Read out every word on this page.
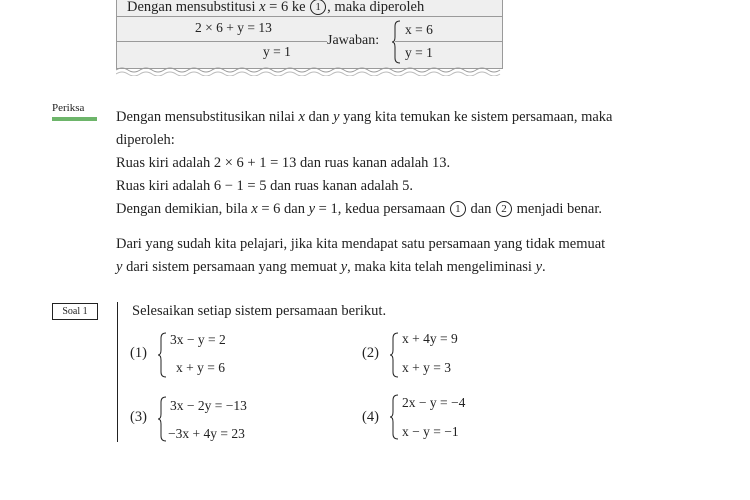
Dengan mensubstitusi x = 6 ke 1 , maka diperoleh
2 × 6 + y = 13
y = 1
Jawaban:
x = 6
y = 1
Periksa
Dengan mensubstitusikan nilai x dan y yang kita temukan ke sistem persamaan, maka
diperoleh:
Ruas kiri adalah 2 × 6 + 1 = 13 dan ruas kanan adalah 13.
Ruas kiri adalah 6 − 1 = 5 dan ruas kanan adalah 5.
Dengan demikian, bila x = 6 dan y = 1, kedua persamaan 1 dan 2 menjadi benar.
Dari yang sudah kita pelajari, jika kita mendapat satu persamaan yang tidak memuat
y dari sistem persamaan yang memuat y, maka kita telah mengeliminasi y.
Soal 1	Selesaikan setiap sistem persamaan berikut.
(1)
3x − y = 2
x + y = 6
(2)
x + 4y = 9
x + y = 3
(3)
3x − 2y = −13
−3x + 4y = 23
(4)
2x − y = −4
x − y = −1
